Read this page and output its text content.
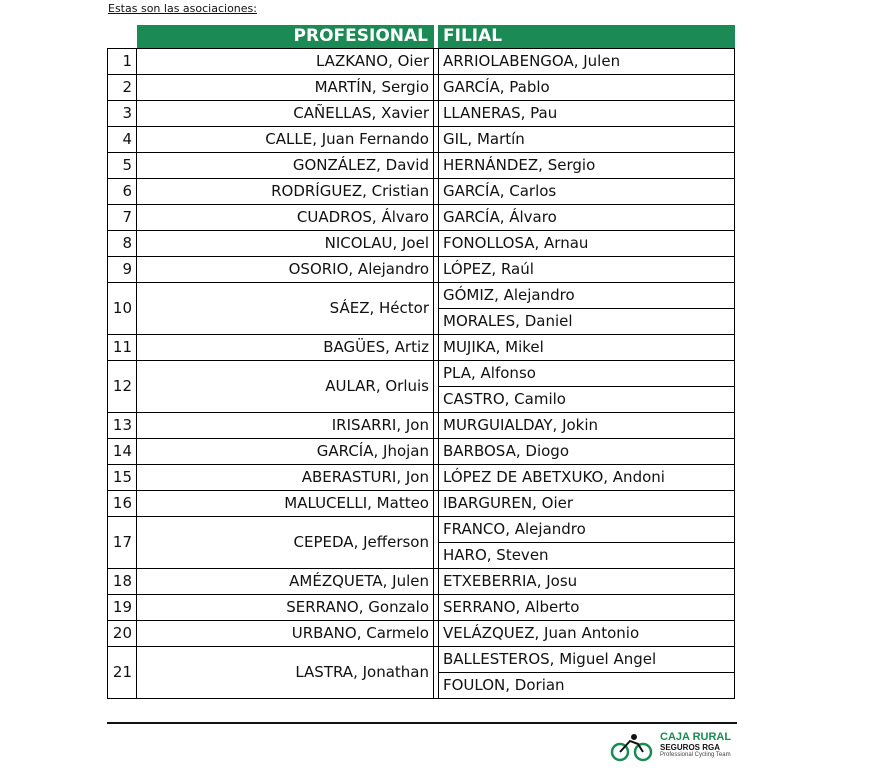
Estas son las asociaciones:
	PROFESIONAL		FILIAL
1	LAZKANO, Oier		ARRIOLABENGOA, Julen
2	MARTÍN, Sergio		GARCÍA, Pablo
3	CAÑELLAS, Xavier		LLANERAS, Pau
4	CALLE, Juan Fernando		GIL, Martín
5	GONZÁLEZ, David		HERNÁNDEZ, Sergio
6	RODRÍGUEZ, Cristian		GARCÍA, Carlos
7	CUADROS, Álvaro		GARCÍA, Álvaro
8	NICOLAU, Joel		FONOLLOSA, Arnau
9	OSORIO, Alejandro		LÓPEZ, Raúl
10	SÁEZ, Héctor		GÓMIZ, Alejandro
			MORALES, Daniel
11	BAGÜES, Artiz		MUJIKA, Mikel
12	AULAR, Orluis		PLA, Alfonso
			CASTRO, Camilo
13	IRISARRI, Jon		MURGUIALDAY, Jokin
14	GARCÍA, Jhojan		BARBOSA, Diogo
15	ABERASTURI, Jon		LÓPEZ DE ABETXUKO, Andoni
16	MALUCELLI, Matteo		IBARGUREN, Oier
17	CEPEDA, Jefferson		FRANCO, Alejandro
			HARO, Steven
18	AMÉZQUETA, Julen		ETXEBERRIA, Josu
19	SERRANO, Gonzalo		SERRANO, Alberto
20	URBANO, Carmelo		VELÁZQUEZ, Juan Antonio
21	LASTRA, Jonathan		BALLESTEROS, Miguel Angel
			FOULON, Dorian
CAJA RURAL
SEGUROS RGA
Professional Cycling Team
